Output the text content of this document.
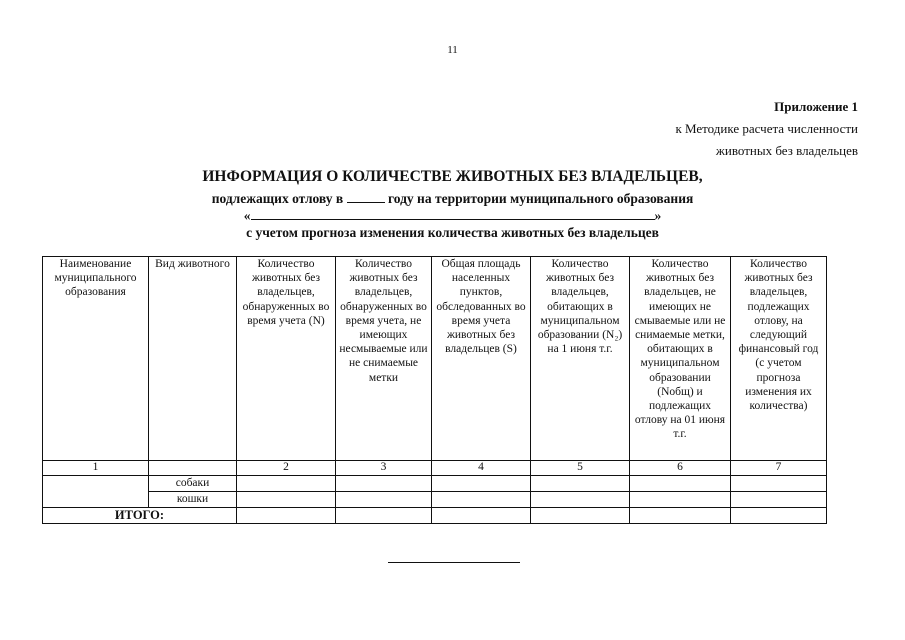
11
Приложение 1
к Методике расчета численности
животных без владельцев
ИНФОРМАЦИЯ О КОЛИЧЕСТВЕ ЖИВОТНЫХ БЕЗ ВЛАДЕЛЬЦЕВ,
подлежащих отлову в	году на территории муниципального образования
«	»
с учетом прогноза изменения количества животных без владельцев
Наименование муниципального образования	Вид животного	Количество животных без владельцев, обнаруженных во время учета (N)	Количество животных без владельцев, обнаруженных во время учета, не имеющих несмываемые или не снимаемые метки	Общая площадь населенных пунктов, обследованных во время учета животных без владельцев (S)	Количество животных без владельцев, обитающих в муниципальном образовании (N₂) на 1 июня т.г.	Количество животных без владельцев, не имеющих не смываемые или не снимаемые метки, обитающих в муниципальном образовании (Nобщ) и подлежащих отлову на 01 июня т.г.	Количество животных без владельцев, подлежащих отлову, на следующий финансовый год (с учетом прогноза изменения их количества)
1		2	3	4	5	6	7
	собаки						
	кошки						
ИТОГО:							
